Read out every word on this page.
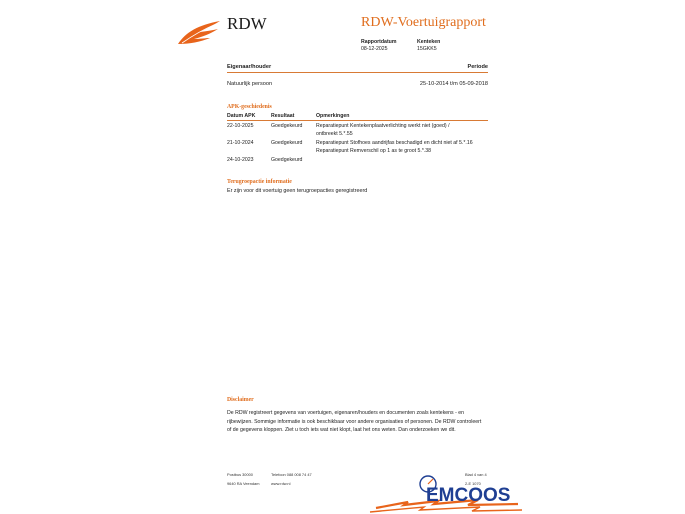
RDW	RDW-Voertuigrapport
Rapportdatum
08-12-2025
Kenteken
15GKK5
Eigenaar/houder	Periode
Natuurlijk persoon	25-10-2014 t/m 05-09-2018
APK-geschiedenis
Datum APK	Resultaat	Opmerkingen
22-10-2025	Goedgekeurd	Reparatiepunt Kentekenplaatverlichting werkt niet (goed) /
ontbreekt 5.*.55
21-10-2024	Goedgekeurd	Reparatiepunt Stofhoes aandrijfas beschadigd en dicht niet af 5.*.16
Reparatiepunt Remverschil op 1 as te groot 5.*.38
24-10-2023	Goedgekeurd
Terugroepactie informatie
Er zijn voor dit voertuig geen terugroepacties geregistreerd
Disclaimer
De RDW registreert gegevens van voertuigen, eigenaren/houders en documenten zoals kentekens - en rijbewijzen. Sommige informatie is ook beschikbaar voor andere organisaties of personen. De RDW controleert of de gegevens kloppen. Ziet u toch iets wat niet klopt, laat het ons weten. Dan onderzoeken we dit.
Postbus 30000
9640 RA Veendam
Telefoon 088 008 74 47
www.rdw.nl
Blad 4 van 4
2-E 1070
EMCOOS
